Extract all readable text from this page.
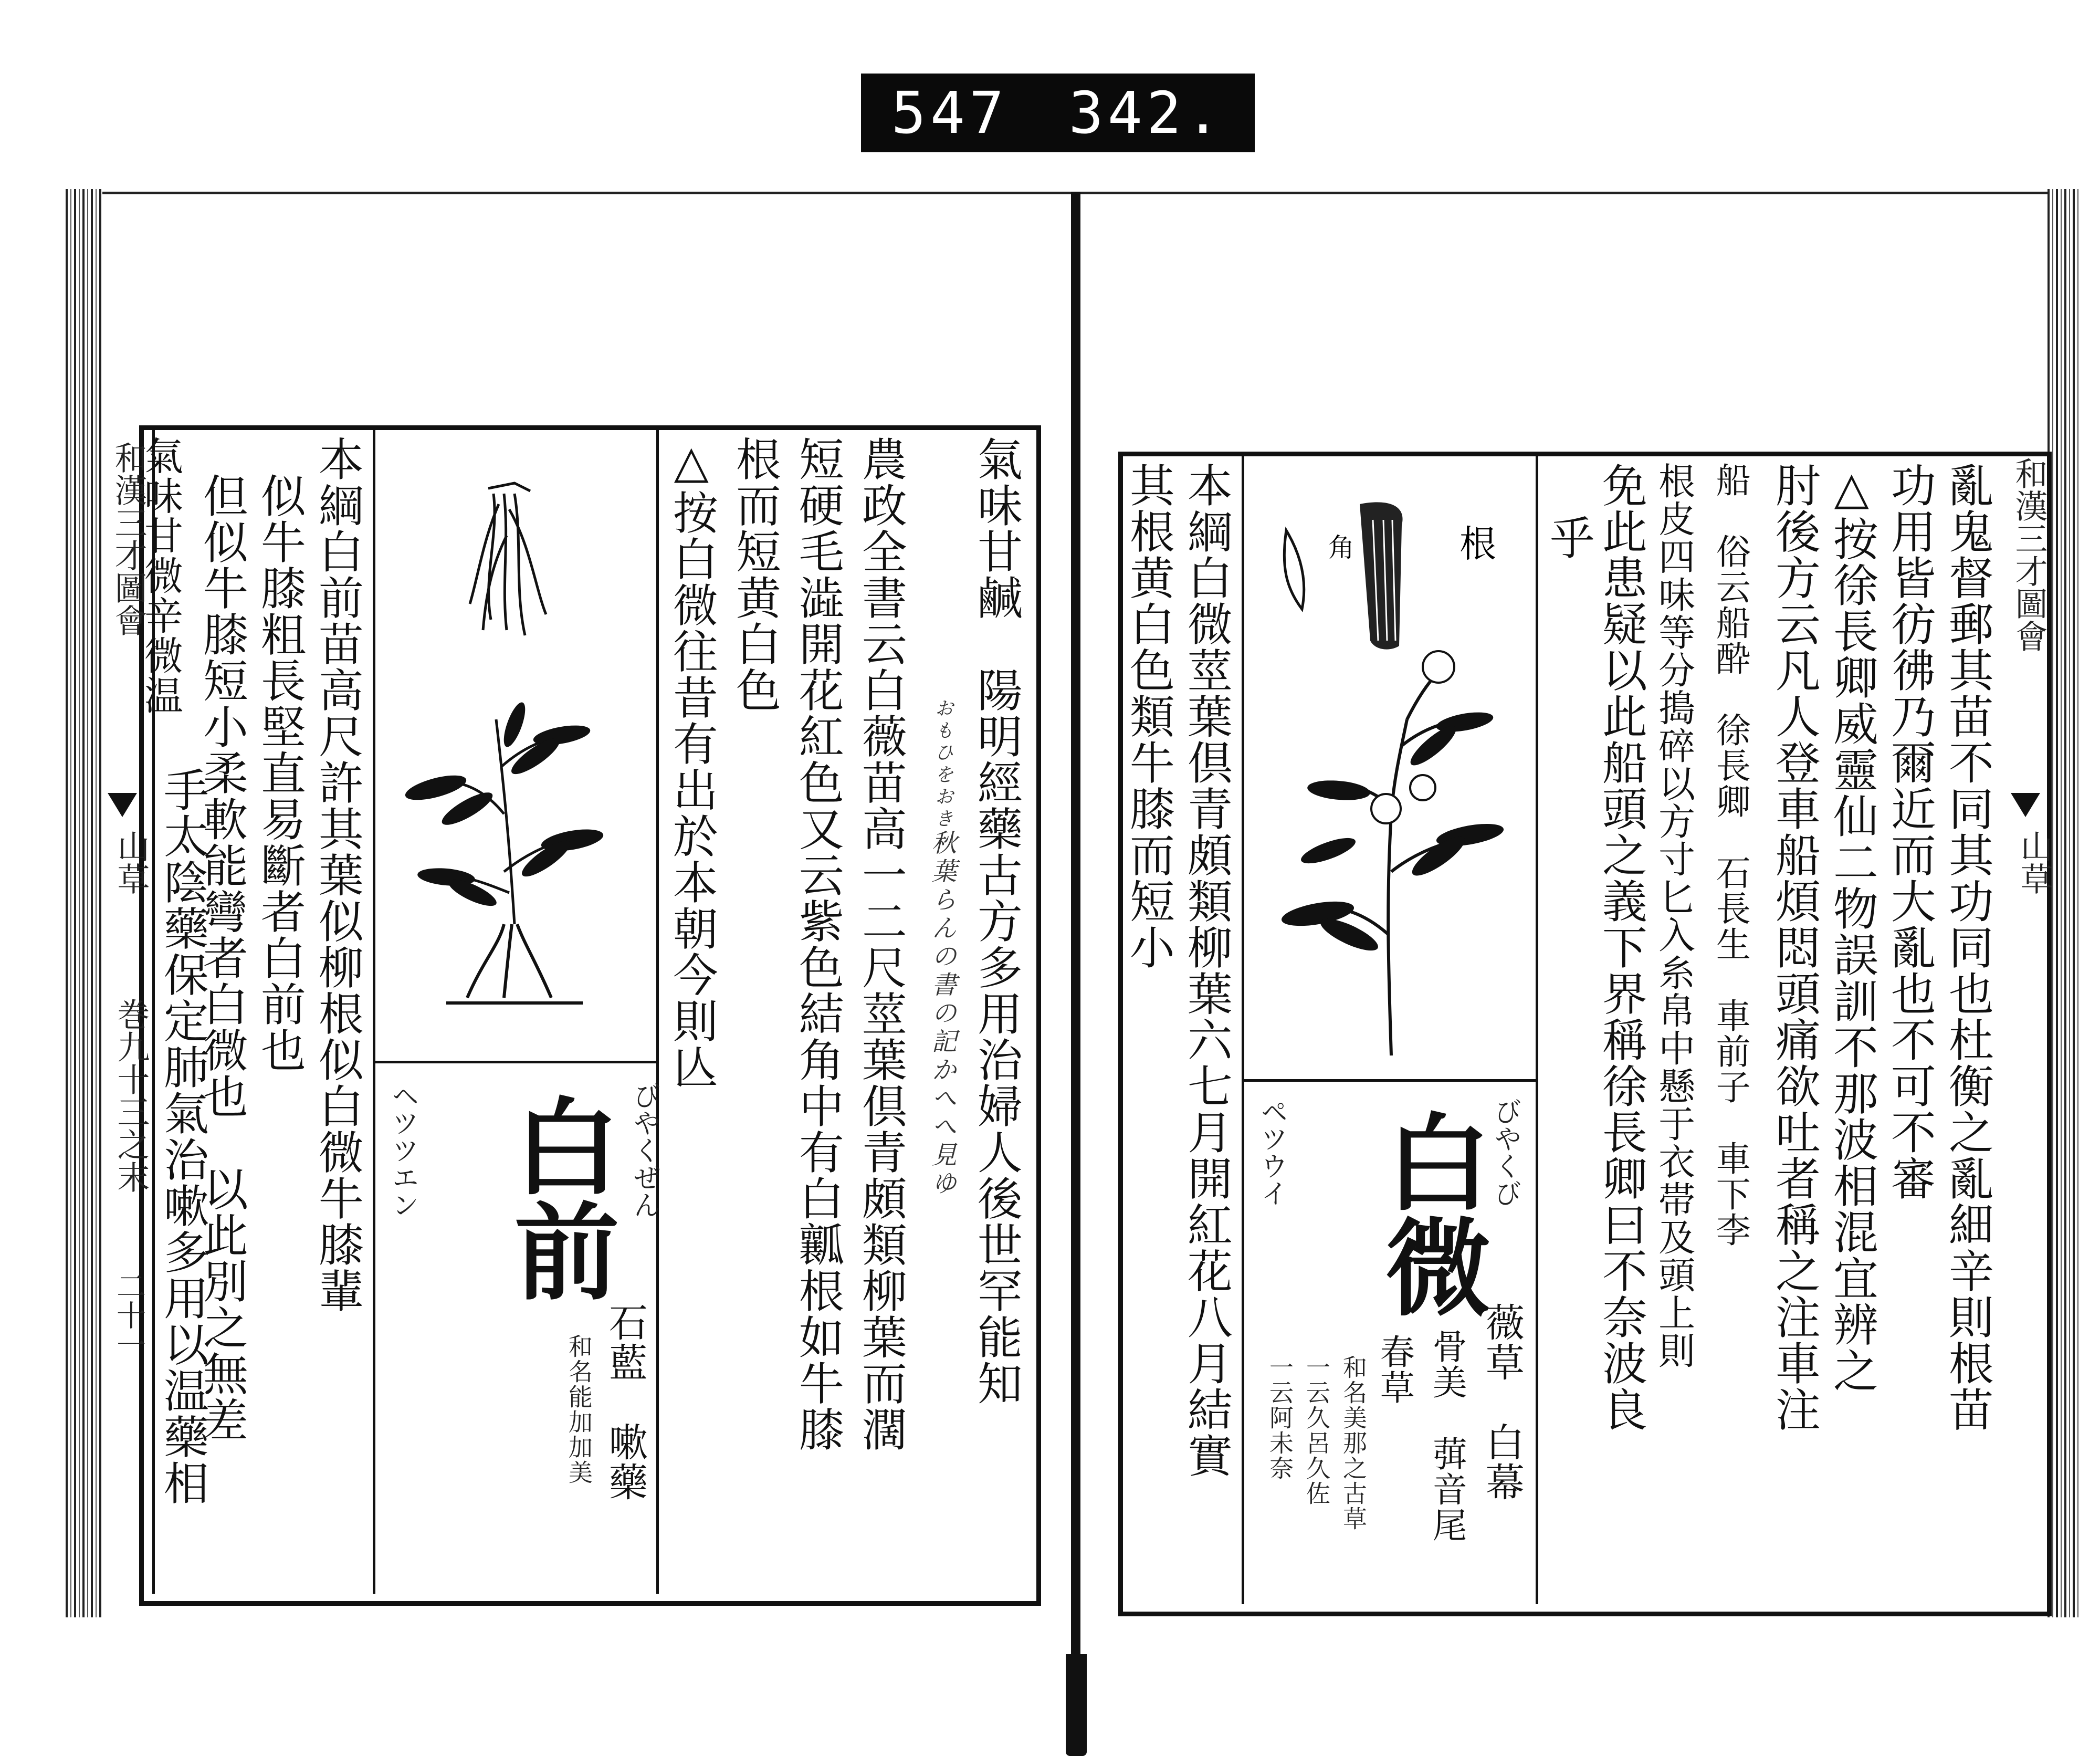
547 342.
和漢三才圖會
山草
巻九十三之末
二十一
白前 びやくぜん
ヘツツエン
石藍　嗽藥
和名能加加美
氣味甘鹹　陽明經藥古方多用治婦人後世罕能知
農政全書云白薇苗高一二尺莖葉倶青頗類柳葉而濶
短硬毛澁開花紅色又云紫色結角中有白瓤根如牛膝
根而短黄白色
△按白微往昔有出於本朝今則亾	秋葉らんの書の記かへへ見ゆ
おもひをおき
本綱白前苗高尺許其葉似柳根似白微牛膝輩
似牛膝粗長堅直易斷者白前也
但似牛膝短小柔軟能彎者白微也　以此別之無差
氣味甘微辛微温
手太陰藥保定肺氣治嗽多用以温藥相
和漢三才圖會
山草
根
角
白微
びやくび
ペツウイ
薇草　白幕
骨美　葞音尾
春草
和名美那之古草
一云久呂久佐
一云阿未奈
本綱白微莖葉倶青頗類柳葉六七月開紅花八月結實
其根黄白色類牛膝而短小	亂鬼督郵其苗不同其功同也杜衡之亂細辛則根苗
功用皆彷彿乃爾近而大亂也不可不審
△按徐長卿威靈仙二物誤訓不那波相混宜辨之
肘後方云凡人登車船煩悶頭痛欲吐者稱之注車注
船　俗云船酔　徐長卿　石長生　車前子　車下李
根皮四味等分搗碎以方寸匕入糸帛中懸于衣帯及頭上則
免此患疑以此船頭之義下界稱徐長卿曰不奈波良
乎
